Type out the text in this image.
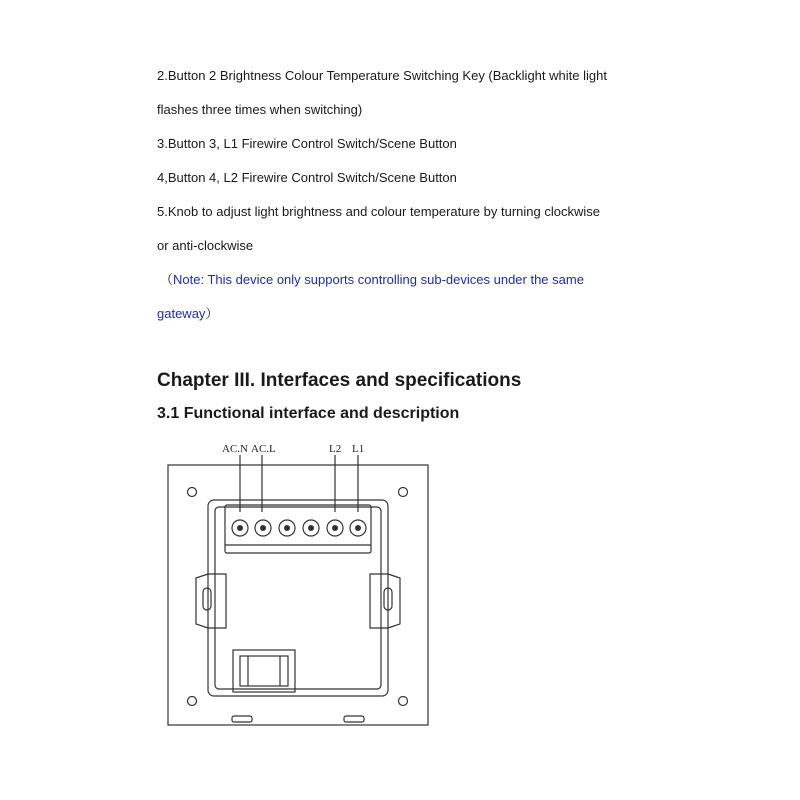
2.Button 2 Brightness Colour Temperature Switching Key (Backlight white light
flashes three times when switching)
3.Button 3, L1 Firewire Control Switch/Scene Button
4,Button 4, L2 Firewire Control Switch/Scene Button
5.Knob to adjust light brightness and colour temperature by turning clockwise
or anti-clockwise
（Note: This device only supports controlling sub-devices under the same
gateway）
Chapter III. Interfaces and specifications
3.1 Functional interface and description
AC.N AC.L	L2 L1
